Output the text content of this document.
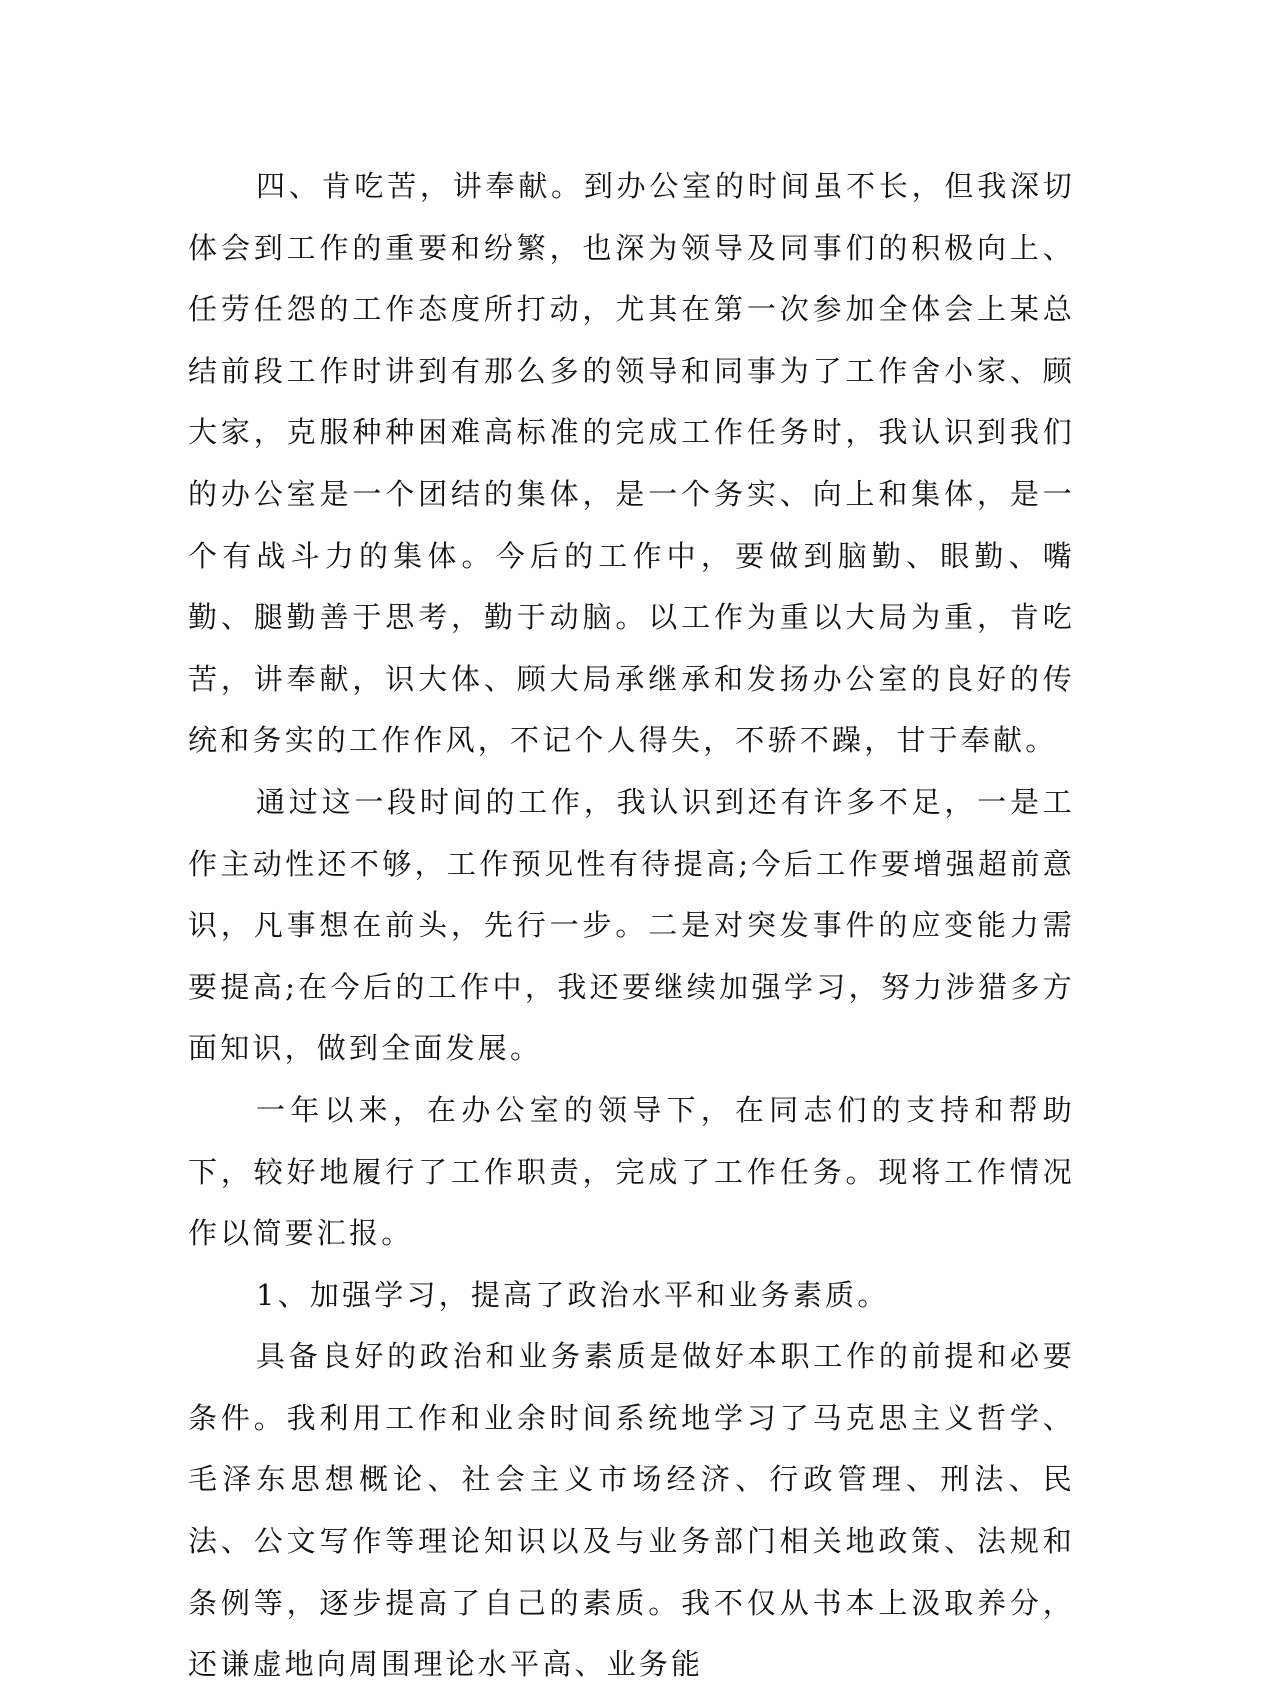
四、肯吃苦，讲奉献。到办公室的时间虽不长，但我深切体会到工作的重要和纷繁，也深为领导及同事们的积极向上、任劳任怨的工作态度所打动，尤其在第一次参加全体会上某总结前段工作时讲到有那么多的领导和同事为了工作舍小家、顾大家，克服种种困难高标准的完成工作任务时，我认识到我们的办公室是一个团结的集体，是一个务实、向上和集体，是一个有战斗力的集体。今后的工作中，要做到脑勤、眼勤、嘴勤、腿勤善于思考，勤于动脑。以工作为重以大局为重，肯吃苦，讲奉献，识大体、顾大局承继承和发扬办公室的良好的传统和务实的工作作风，不记个人得失，不骄不躁，甘于奉献。

通过这一段时间的工作，我认识到还有许多不足，一是工作主动性还不够，工作预见性有待提高;今后工作要增强超前意识，凡事想在前头，先行一步。二是对突发事件的应变能力需要提高;在今后的工作中，我还要继续加强学习，努力涉猎多方面知识，做到全面发展。

一年以来，在办公室的领导下，在同志们的支持和帮助下，较好地履行了工作职责，完成了工作任务。现将工作情况作以简要汇报。

1、加强学习，提高了政治水平和业务素质。

具备良好的政治和业务素质是做好本职工作的前提和必要条件。我利用工作和业余时间系统地学习了马克思主义哲学、毛泽东思想概论、社会主义市场经济、行政管理、刑法、民法、公文写作等理论知识以及与业务部门相关地政策、法规和条例等，逐步提高了自己的素质。我不仅从书本上汲取养分，还谦虚地向周围理论水平高、业务能
